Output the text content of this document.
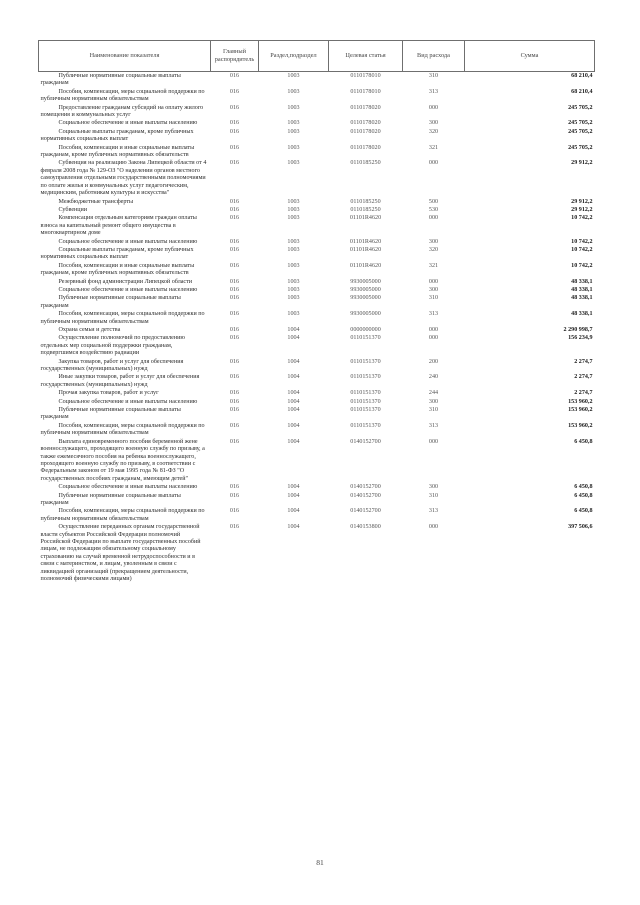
Наименование показателя	Главный распорядитель	Раздел,подраздел	Целевая статья	Вид расхода	Сумма

Публичные нормативные социальные выплаты гражданам	016	1003	0110178010	310	68 210,4

Пособия, компенсации, меры социальной поддержки по публичным нормативным обязательствам	016	1003	0110178010	313	68 210,4

Предоставление гражданам субсидий на оплату жилого помещения и коммунальных услуг	016	1003	0110178020	000	245 705,2

Социальное обеспечение и иные выплаты населению	016	1003	0110178020	300	245 705,2

Социальные выплаты гражданам, кроме публичных нормативных социальных выплат	016	1003	0110178020	320	245 705,2

Пособия, компенсации и иные социальные выплаты гражданам, кроме публичных нормативных обязательств	016	1003	0110178020	321	245 705,2

Субвенция на реализацию Закона Липецкой области от 4 февраля 2008 года № 129-ОЗ "О наделении органов местного самоуправления отдельными государственными полномочиями по оплате жилья и коммунальных услуг педагогическим, медицинским, работникам культуры и искусства"	016	1003	0110185250	000	29 912,2

Межбюджетные трансферты	016	1003	0110185250	500	29 912,2

Субвенции	016	1003	0110185250	530	29 912,2

Компенсация отдельным категориям граждан оплаты взноса на капитальный ремонт общего имущества в многоквартирном доме	016	1003	01101R4620	000	10 742,2

Социальное обеспечение и иные выплаты населению	016	1003	01101R4620	300	10 742,2

Социальные выплаты гражданам, кроме публичных нормативных социальных выплат	016	1003	01101R4620	320	10 742,2

Пособия, компенсации и иные социальные выплаты гражданам, кроме публичных нормативных обязательств	016	1003	01101R4620	321	10 742,2

Резервный фонд администрации Липецкой области	016	1003	9930005000	000	48 338,1

Социальное обеспечение и иные выплаты населению	016	1003	9930005000	300	48 338,1

Публичные нормативные социальные выплаты гражданам	016	1003	9930005000	310	48 338,1

Пособия, компенсации, меры социальной поддержки по публичным нормативным обязательствам	016	1003	9930005000	313	48 338,1

Охрана семьи и детства	016	1004	0000000000	000	2 290 998,7

Осуществление полномочий по предоставлению отдельных мер социальной поддержки гражданам, подвергшимся воздействию радиации	016	1004	0110151370	000	156 234,9

Закупка товаров, работ и услуг для обеспечения государственных (муниципальных) нужд	016	1004	0110151370	200	2 274,7

Иные закупки товаров, работ и услуг для обеспечения государственных (муниципальных) нужд	016	1004	0110151370	240	2 274,7

Прочая закупка товаров, работ и услуг	016	1004	0110151370	244	2 274,7

Социальное обеспечение и иные выплаты населению	016	1004	0110151370	300	153 960,2

Публичные нормативные социальные выплаты гражданам	016	1004	0110151370	310	153 960,2

Пособия, компенсации, меры социальной поддержки по публичным нормативным обязательствам	016	1004	0110151370	313	153 960,2

Выплата единовременного пособия беременной жене военнослужащего, проходящего военную службу по призыву, а также ежемесячного пособия на ребенка военнослужащего, проходящего военную службу по призыву, в соответствии с Федеральным законом от 19 мая 1995 года № 81-ФЗ "О государственных пособиях гражданам, имеющим детей"	016	1004	0140152700	000	6 450,8

Социальное обеспечение и иные выплаты населению	016	1004	0140152700	300	6 450,8

Публичные нормативные социальные выплаты гражданам	016	1004	0140152700	310	6 450,8

Пособия, компенсации, меры социальной поддержки по публичным нормативным обязательствам	016	1004	0140152700	313	6 450,8

Осуществление переданных органам государственной власти субъектов Российской Федерации полномочий Российской Федерации по выплате государственных пособий лицам, не подлежащим обязательному социальному страхованию на случай временной нетрудоспособности и в связи с материнством, и лицам, уволенным в связи с ликвидацией организаций (прекращением деятельности, полномочий физическими лицами)	016	1004	0140153800	000	397 506,6
81
